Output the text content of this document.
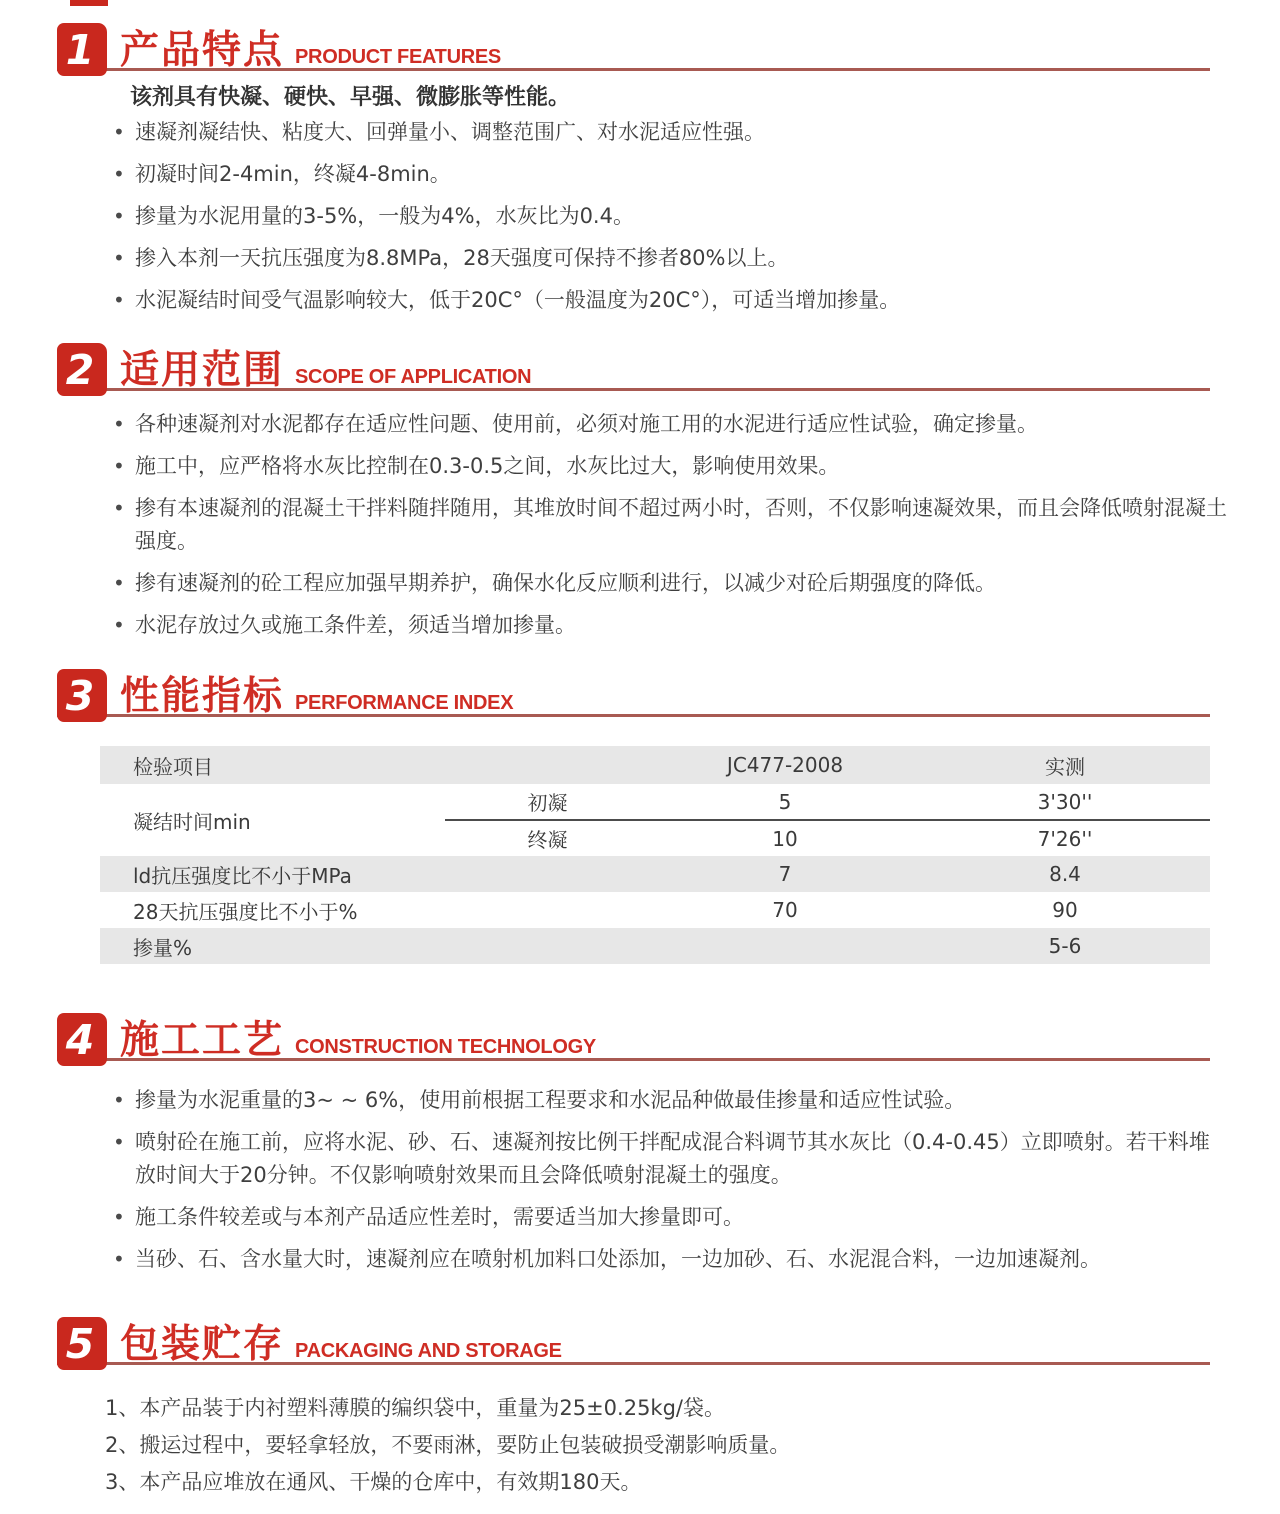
1 产品特点 PRODUCT FEATURES
该剂具有快凝、硬快、早强、微膨胀等性能。
• 速凝剂凝结快、粘度大、回弹量小、调整范围广、对水泥适应性强。
• 初凝时间2-4min，终凝4-8min。
• 掺量为水泥用量的3-5%，一般为4%，水灰比为0.4。
• 掺入本剂一天抗压强度为8.8MPa，28天强度可保持不掺者80%以上。
• 水泥凝结时间受气温影响较大，低于20C°（一般温度为20C°），可适当增加掺量。
2 适用范围 SCOPE OF APPLICATION
• 各种速凝剂对水泥都存在适应性问题、使用前，必须对施工用的水泥进行适应性试验，确定掺量。
• 施工中，应严格将水灰比控制在0.3-0.5之间，水灰比过大，影响使用效果。
• 掺有本速凝剂的混凝土干拌料随拌随用，其堆放时间不超过两小时，否则，不仅影响速凝效果，而且会降低喷射混凝土强度。
• 掺有速凝剂的砼工程应加强早期养护，确保水化反应顺利进行，以减少对砼后期强度的降低。
• 水泥存放过久或施工条件差，须适当增加掺量。
3 性能指标 PERFORMANCE INDEX
检验项目		JC477-2008	实测
凝结时间min	初凝	5	3'30''
	终凝	10	7'26''
ld抗压强度比不小于MPa		7	8.4
28天抗压强度比不小于%		70	90
掺量%			5-6
4 施工工艺 CONSTRUCTION TECHNOLOGY
• 掺量为水泥重量的3~ ~ 6%，使用前根据工程要求和水泥品种做最佳掺量和适应性试验。
• 喷射砼在施工前，应将水泥、砂、石、速凝剂按比例干拌配成混合料调节其水灰比（0.4-0.45）立即喷射。若干料堆放时间大于20分钟。不仅影响喷射效果而且会降低喷射混凝土的强度。
• 施工条件较差或与本剂产品适应性差时，需要适当加大掺量即可。
• 当砂、石、含水量大时，速凝剂应在喷射机加料口处添加，一边加砂、石、水泥混合料，一边加速凝剂。
5 包装贮存 PACKAGING AND STORAGE
1、本产品装于内衬塑料薄膜的编织袋中，重量为25±0.25kg/袋。
2、搬运过程中，要轻拿轻放，不要雨淋，要防止包装破损受潮影响质量。
3、本产品应堆放在通风、干燥的仓库中，有效期180天。
